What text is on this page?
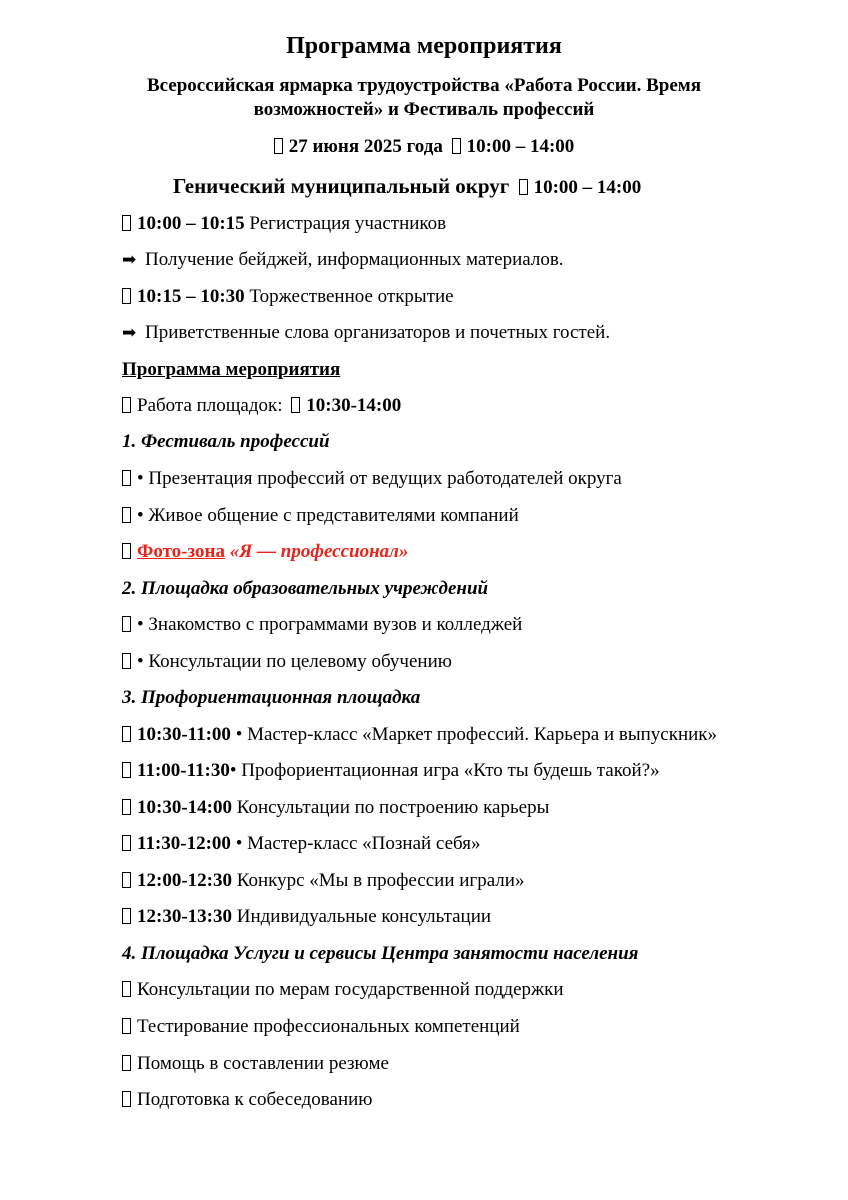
Программа мероприятия
Всероссийская ярмарка трудоустройства «Работа России. Время возможностей» и Фестиваль профессий
27 июня 2025 года 10:00 – 14:00
Генический муниципальный округ 10:00 – 14:00
10:00 – 10:15 Регистрация участников
➡ Получение бейджей, информационных материалов.
10:15 – 10:30 Торжественное открытие
➡ Приветственные слова организаторов и почетных гостей.
Программа мероприятия
Работа площадок: 10:30-14:00
1. Фестиваль профессий
• Презентация профессий от ведущих работодателей округа
• Живое общение с представителями компаний
Фото-зона «Я — профессионал»
2. Площадка образовательных учреждений
• Знакомство с программами вузов и колледжей
• Консультации по целевому обучению
3. Профориентационная площадка
10:30-11:00 • Мастер-класс «Маркет профессий. Карьера и выпускник»
11:00-11:30• Профориентационная игра «Кто ты будешь такой?»
10:30-14:00 Консультации по построению карьеры
11:30-12:00 • Мастер-класс «Познай себя»
12:00-12:30 Конкурс «Мы в профессии играли»
12:30-13:30 Индивидуальные консультации
4. Площадка Услуги и сервисы Центра занятости населения
Консультации по мерам государственной поддержки
Тестирование профессиональных компетенций
Помощь в составлении резюме
Подготовка к собеседованию
